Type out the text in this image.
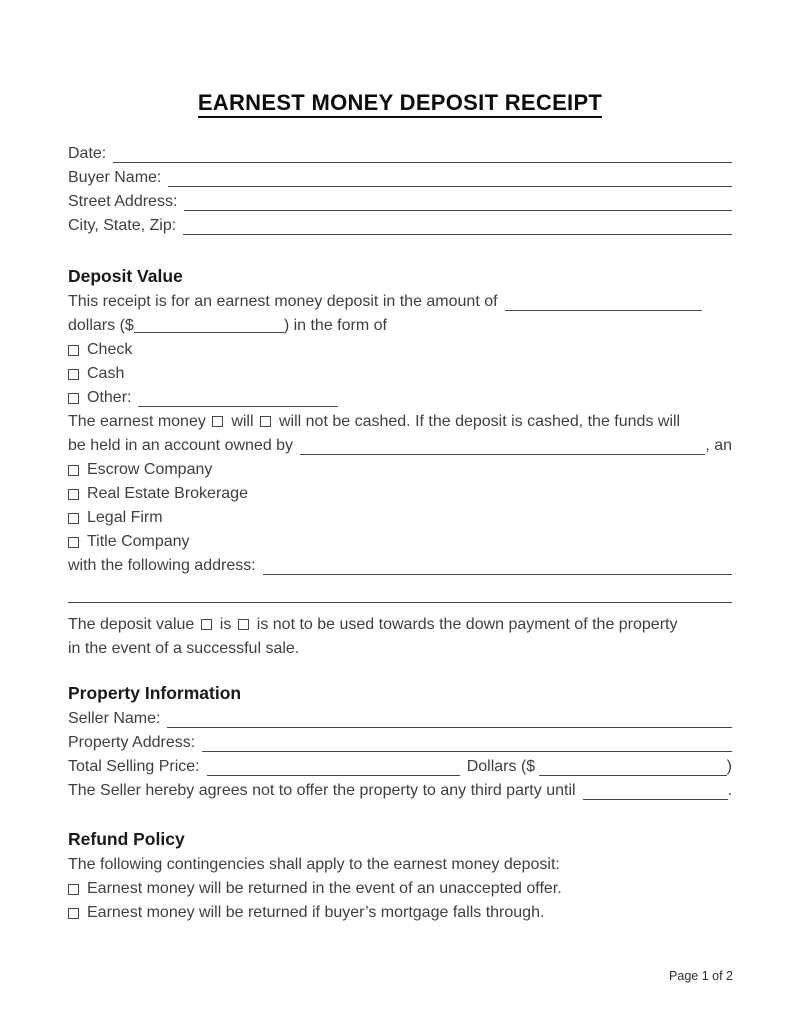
EARNEST MONEY DEPOSIT RECEIPT
Date:
Buyer Name:
Street Address:
City, State, Zip:
Deposit Value
This receipt is for an earnest money deposit in the amount of
dollars ($	) in the form of
Check
Cash
Other:
The earnest money will will not be cashed. If the deposit is cashed, the funds will
be held in an account owned by	, an
Escrow Company
Real Estate Brokerage
Legal Firm
Title Company
with the following address:
The deposit value is is not to be used towards the down payment of the property
in the event of a successful sale.
Property Information
Seller Name:
Property Address:
Total Selling Price:	Dollars ($	)
The Seller hereby agrees not to offer the property to any third party until	.
Refund Policy
The following contingencies shall apply to the earnest money deposit:
Earnest money will be returned in the event of an unaccepted offer.
Earnest money will be returned if buyer’s mortgage falls through.
Page 1 of 2
